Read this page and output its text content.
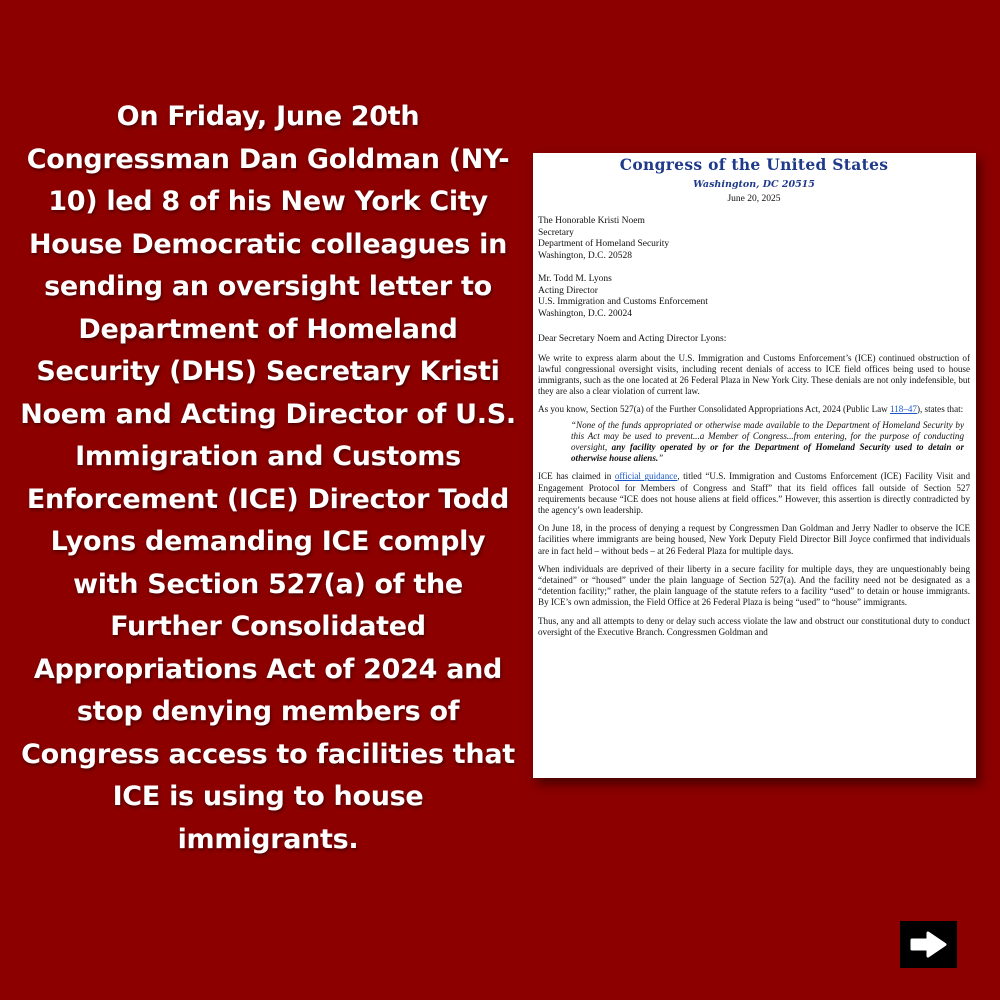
On Friday, June 20th Congressman Dan Goldman (NY-10) led 8 of his New York City House Democratic colleagues in sending an oversight letter to Department of Homeland Security (DHS) Secretary Kristi Noem and Acting Director of U.S. Immigration and Customs Enforcement (ICE) Director Todd Lyons demanding ICE comply with Section 527(a) of the Further Consolidated Appropriations Act of 2024 and stop denying members of Congress access to facilities that ICE is using to house immigrants.

Congress of the United States
Washington, DC 20515
June 20, 2025
The Honorable Kristi Noem
Secretary
Department of Homeland Security
Washington, D.C. 20528
Mr. Todd M. Lyons
Acting Director
U.S. Immigration and Customs Enforcement
Washington, D.C. 20024
Dear Secretary Noem and Acting Director Lyons:
We write to express alarm about the U.S. Immigration and Customs Enforcement’s (ICE) continued obstruction of lawful congressional oversight visits, including recent denials of access to ICE field offices being used to house immigrants, such as the one located at 26 Federal Plaza in New York City. These denials are not only indefensible, but they are also a clear violation of current law.
As you know, Section 527(a) of the Further Consolidated Appropriations Act, 2024 (Public Law 118–47), states that:
“None of the funds appropriated or otherwise made available to the Department of Homeland Security by this Act may be used to prevent...a Member of Congress...from entering, for the purpose of conducting oversight, any facility operated by or for the Department of Homeland Security used to detain or otherwise house aliens.”
ICE has claimed in official guidance, titled “U.S. Immigration and Customs Enforcement (ICE) Facility Visit and Engagement Protocol for Members of Congress and Staff” that its field offices fall outside of Section 527 requirements because “ICE does not house aliens at field offices.” However, this assertion is directly contradicted by the agency’s own leadership.
On June 18, in the process of denying a request by Congressmen Dan Goldman and Jerry Nadler to observe the ICE facilities where immigrants are being housed, New York Deputy Field Director Bill Joyce confirmed that individuals are in fact held – without beds – at 26 Federal Plaza for multiple days.
When individuals are deprived of their liberty in a secure facility for multiple days, they are unquestionably being “detained” or “housed” under the plain language of Section 527(a). And the facility need not be designated as a “detention facility;” rather, the plain language of the statute refers to a facility “used” to detain or house immigrants. By ICE’s own admission, the Field Office at 26 Federal Plaza is being “used” to “house” immigrants.
Thus, any and all attempts to deny or delay such access violate the law and obstruct our constitutional duty to conduct oversight of the Executive Branch. Congressmen Goldman and
